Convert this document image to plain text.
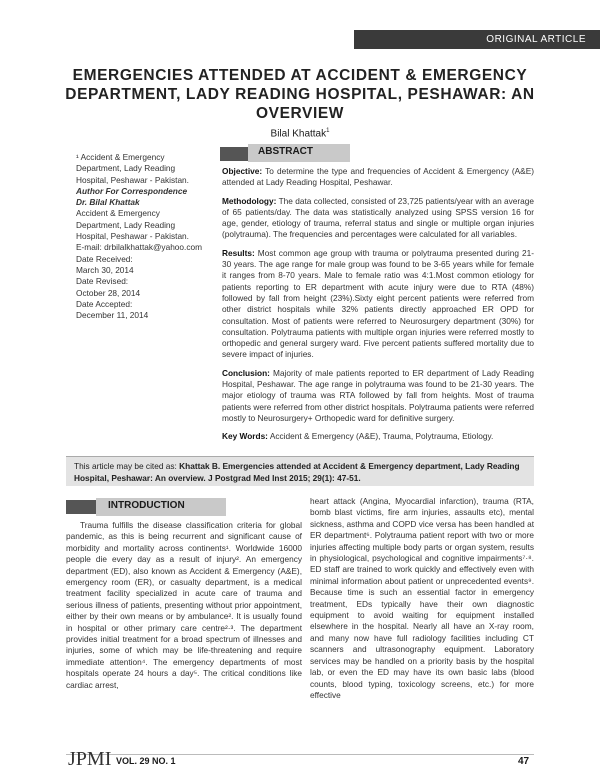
ORIGINAL ARTICLE
EMERGENCIES ATTENDED AT ACCIDENT & EMERGENCY DEPARTMENT, LADY READING HOSPITAL, PESHAWAR: AN OVERVIEW
Bilal Khattak$^1$
¹ Accident & Emergency Department, Lady Reading Hospital, Peshawar - Pakistan.
Author For Correspondence
Dr. Bilal Khattak
Accident & Emergency Department, Lady Reading Hospital, Peshawar - Pakistan.
E-mail: drbilalkhattak@yahoo.com
Date Received:
March 30, 2014
Date Revised:
October 28, 2014
Date Accepted:
December 11, 2014
ABSTRACT

Objective: To determine the type and frequencies of Accident & Emergency (A&E) attended at Lady Reading Hospital, Peshawar.

Methodology: The data collected, consisted of 23,725 patients/year with an average of 65 patients/day. The data was statistically analyzed using SPSS version 16 for age, gender, etiology of trauma, referral status and single or multiple organ injuries (polytrauma). The frequencies and percentages were calculated for all variables.

Results: Most common age group with trauma or polytrauma presented during 21-30 years. The age range for male group was found to be 3-65 years while for female it ranges from 8-70 years. Male to female ratio was 4:1.Most common etiology for patients reporting to ER department with acute injury were due to RTA (48%) followed by fall from height (23%).Sixty eight percent patients were referred from other district hospitals while 32% patients directly approached ER OPD for consultation. Most of patients were referred to Neurosurgery department (30%) for consultation. Polytrauma patients with multiple organ injuries were referred mostly to orthopedic and general surgery ward. Five percent patients suffered mortality due to severe impact of injuries.

Conclusion: Majority of male patients reported to ER department of Lady Reading Hospital, Peshawar. The age range in polytrauma was found to be 21-30 years. The major etiology of trauma was RTA followed by fall from heights. Most of trauma patients were referred from other district hospitals. Polytrauma patients were referred mostly to Neurosurgery+ Orthopedic ward for definitive surgery.

Key Words: Accident & Emergency (A&E), Trauma, Polytrauma, Etiology.

This article may be cited as: Khattak B. Emergencies attended at Accident & Emergency department, Lady Reading Hospital, Peshawar: An overview. J Postgrad Med Inst 2015; 29(1): 47-51.
INTRODUCTION
Trauma fulfills the disease classification criteria for global pandemic, as this is being recurrent and significant cause of morbidity and mortality across continents¹. Worldwide 16000 people die every day as a result of injury². An emergency department (ED), also known as Accident & Emergency (A&E), emergency room (ER), or casualty department, is a medical treatment facility specialized in acute care of trauma and serious illness of patients, presenting without prior appointment, either by their own means or by ambulance². It is usually found in hospital or other primary care centre²·³. The department provides initial treatment for a broad spectrum of illnesses and injuries, some of which may be life-threatening and require immediate attention⁴. The emergency departments of most hospitals operate 24 hours a day⁵. The critical conditions like cardiac arrest,
heart attack (Angina, Myocardial infarction), trauma (RTA, bomb blast victims, fire arm injuries, assaults etc), mental sickness, asthma and COPD vice versa has been handled at ER department⁶. Polytrauma patient report with two or more injuries affecting multiple body parts or organ system, results in physiological, psychological and cognitive impairments⁷·⁸. ED staff are trained to work quickly and effectively even with minimal information about patient or unprecedented events⁹. Because time is such an essential factor in emergency treatment, EDs typically have their own diagnostic equipment to avoid waiting for equipment installed elsewhere in the hospital. Nearly all have an X-ray room, and many now have full radiology facilities including CT scanners and ultrasonography equipment. Laboratory services may be handled on a priority basis by the hospital lab, or even the ED may have its own basic labs (blood counts, blood typing, toxicology screens, etc.) for more effective
JPMI VOL. 29 NO. 1	47
